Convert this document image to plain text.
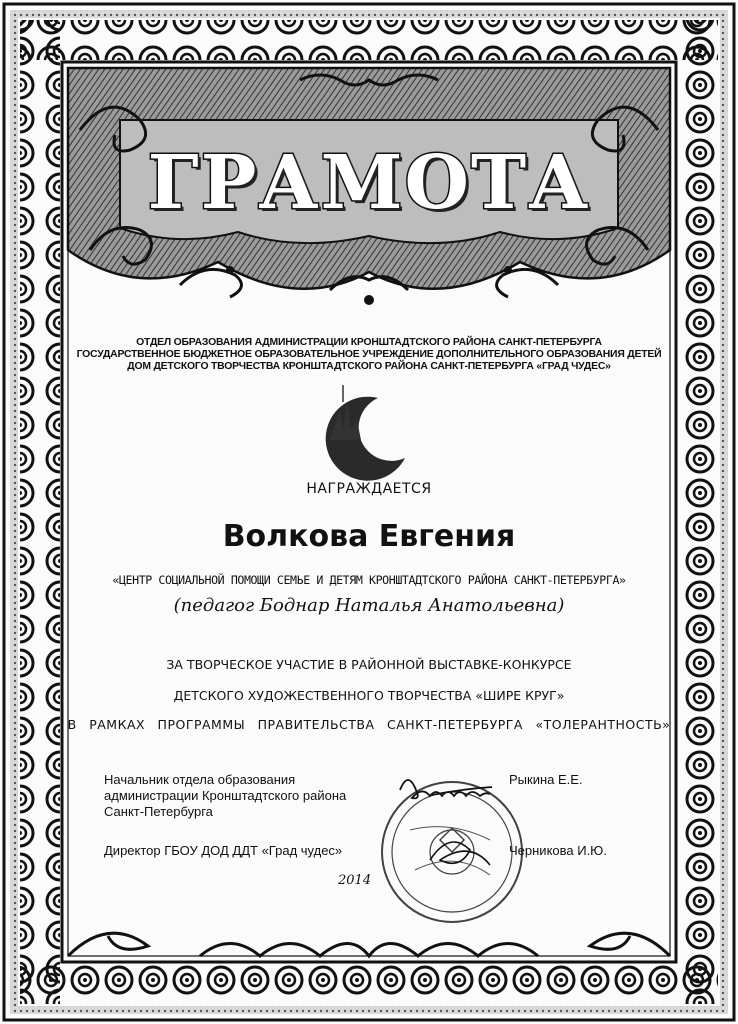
ГРАМОТА
ОТДЕЛ ОБРАЗОВАНИЯ АДМИНИСТРАЦИИ КРОНШТАДТСКОГО РАЙОНА САНКТ-ПЕТЕРБУРГА
ГОСУДАРСТВЕННОЕ БЮДЖЕТНОЕ ОБРАЗОВАТЕЛЬНОЕ УЧРЕЖДЕНИЕ ДОПОЛНИТЕЛЬНОГО ОБРАЗОВАНИЯ ДЕТЕЙ
ДОМ ДЕТСКОГО ТВОРЧЕСТВА КРОНШТАДТСКОГО РАЙОНА САНКТ-ПЕТЕРБУРГА «ГРАД ЧУДЕС»
НАГРАЖДАЕТСЯ
Волкова Евгения
«ЦЕНТР СОЦИАЛЬНОЙ ПОМОЩИ СЕМЬЕ И ДЕТЯМ КРОНШТАДТСКОГО РАЙОНА САНКТ-ПЕТЕРБУРГА»
(педагог Боднар Наталья Анатольевна)
ЗА ТВОРЧЕСКОЕ УЧАСТИЕ В РАЙОННОЙ ВЫСТАВКЕ-КОНКУРСЕ
ДЕТСКОГО ХУДОЖЕСТВЕННОГО ТВОРЧЕСТВА «ШИРЕ КРУГ»
В РАМКАХ ПРОГРАММЫ ПРАВИТЕЛЬСТВА САНКТ-ПЕТЕРБУРГА «ТОЛЕРАНТНОСТЬ»
Начальник отдела образования
администрации Кронштадтского района
Санкт-Петербурга
Рыкина Е.Е.
Директор ГБОУ ДОД ДДТ «Град чудес»	Черникова И.Ю.
2014
